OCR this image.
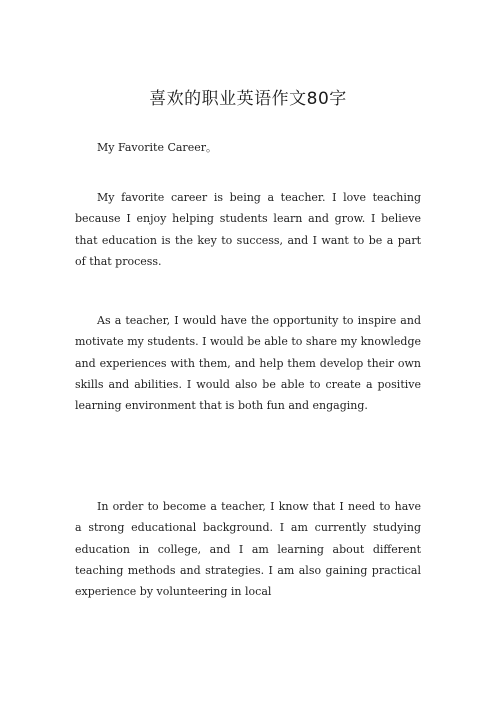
喜欢的职业英语作文80字

My Favorite Career。

My favorite career is being a teacher. I love teaching because I enjoy helping students learn and grow. I believe that education is the key to success, and I want to be a part of that process.

As a teacher, I would have the opportunity to inspire and motivate my students. I would be able to share my knowledge and experiences with them, and help them develop their own skills and abilities. I would also be able to create a positive learning environment that is both fun and engaging.

In order to become a teacher, I know that I need to have a strong educational background. I am currently studying education in college, and I am learning about different teaching methods and strategies. I am also gaining practical experience by volunteering in local
